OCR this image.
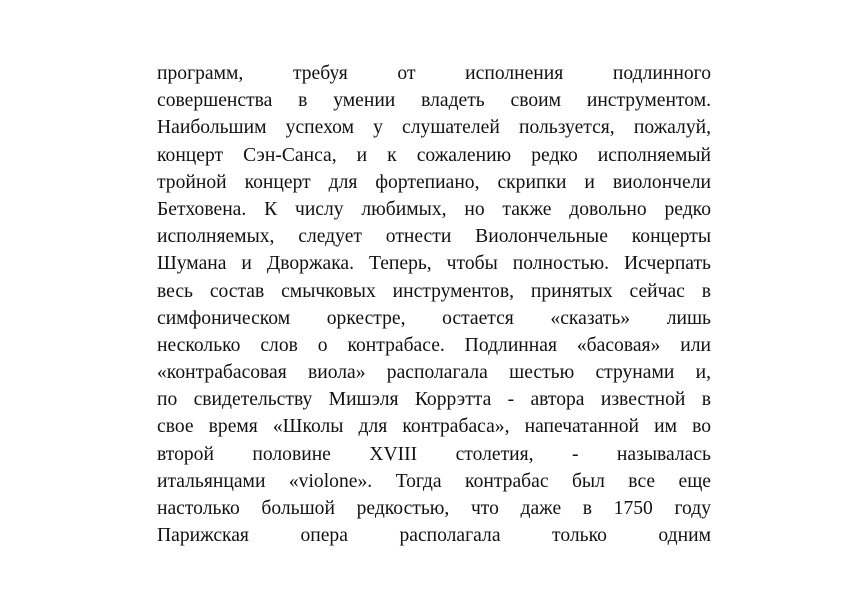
программ, требуя от исполнения подлинного
совершенства в умении владеть своим инструментом.
Наибольшим успехом у слушателей пользуется, пожалуй,
концерт Сэн-Санса, и к сожалению редко исполняемый
тройной концерт для фортепиано, скрипки и виолончели
Бетховена. К числу любимых, но также довольно редко
исполняемых, следует отнести Виолончельные концерты
Шумана и Дворжака. Теперь, чтобы полностью. Исчерпать
весь состав смычковых инструментов, принятых сейчас в
симфоническом оркестре, остается «сказать» лишь
несколько слов о контрабасе. Подлинная «басовая» или
«контрабасовая виола» располагала шестью струнами и,
по свидетельству Мишэля Коррэтта - автора известной в
свое время «Школы для контрабаса», напечатанной им во
второй половине XVIII столетия, - называлась
итальянцами «violone». Тогда контрабас был все еще
настолько большой редкостью, что даже в 1750 году
Парижская опера располагала только одним
